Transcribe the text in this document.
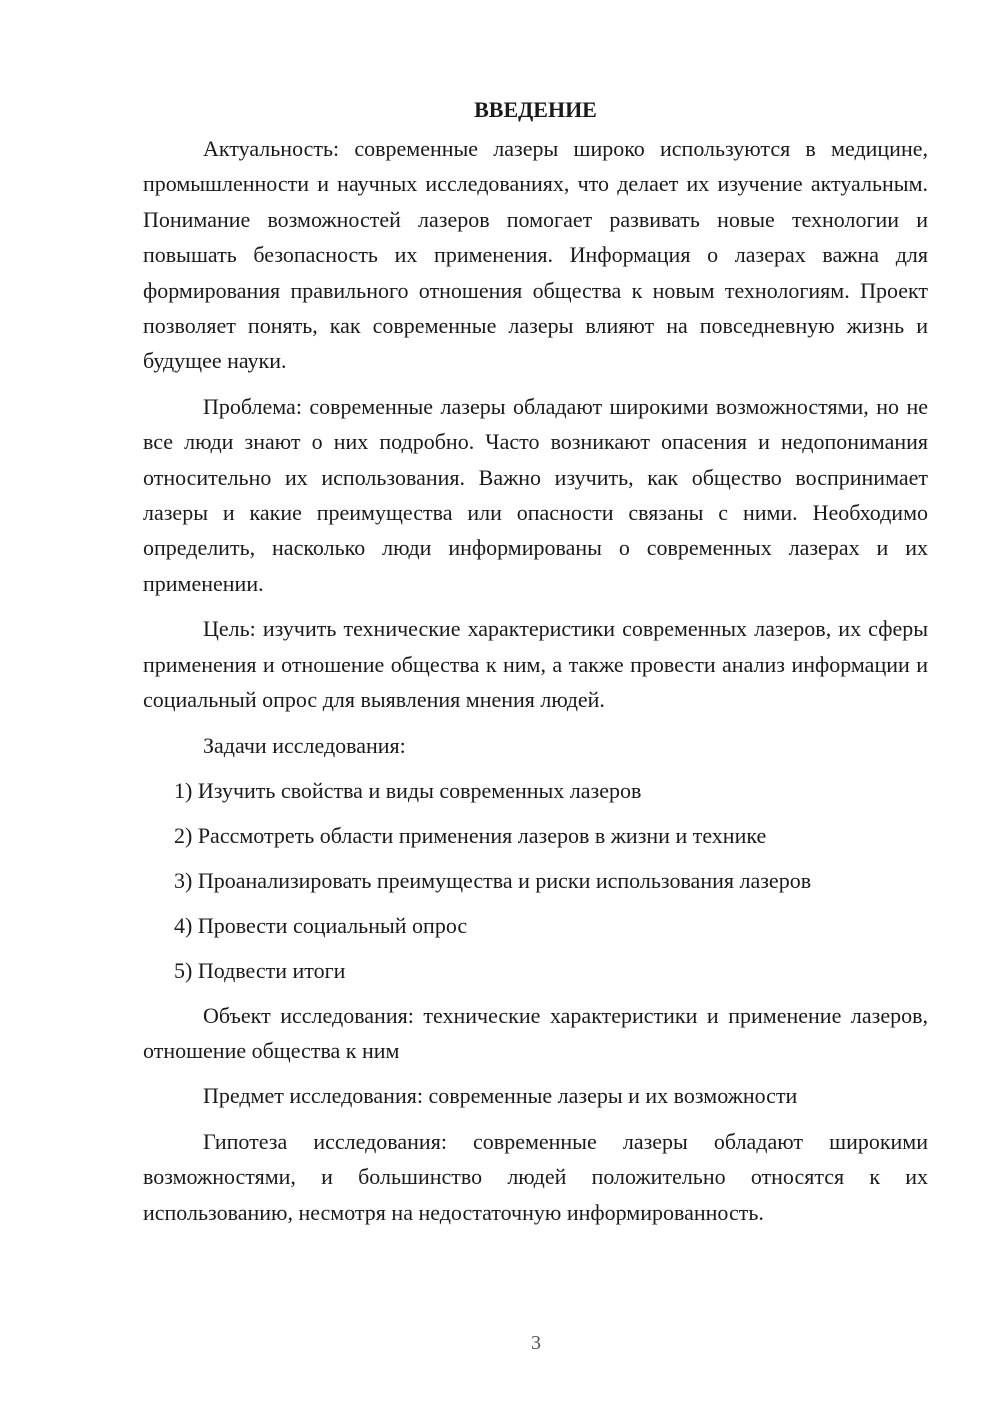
ВВЕДЕНИЕ

Актуальность: современные лазеры широко используются в медицине, промышленности и научных исследованиях, что делает их изучение актуальным. Понимание возможностей лазеров помогает развивать новые технологии и повышать безопасность их применения. Информация о лазерах важна для формирования правильного отношения общества к новым технологиям. Проект позволяет понять, как современные лазеры влияют на повседневную жизнь и будущее науки.

Проблема: современные лазеры обладают широкими возможностями, но не все люди знают о них подробно. Часто возникают опасения и недопонимания относительно их использования. Важно изучить, как общество воспринимает лазеры и какие преимущества или опасности связаны с ними. Необходимо определить, насколько люди информированы о современных лазерах и их применении.

Цель: изучить технические характеристики современных лазеров, их сферы применения и отношение общества к ним, а также провести анализ информации и социальный опрос для выявления мнения людей.

Задачи исследования:
1) Изучить свойства и виды современных лазеров
2) Рассмотреть области применения лазеров в жизни и технике
3) Проанализировать преимущества и риски использования лазеров
4) Провести социальный опрос
5) Подвести итоги

Объект исследования: технические характеристики и применение лазеров, отношение общества к ним

Предмет исследования: современные лазеры и их возможности

Гипотеза исследования: современные лазеры обладают широкими возможностями, и большинство людей положительно относятся к их использованию, несмотря на недостаточную информированность.

3
